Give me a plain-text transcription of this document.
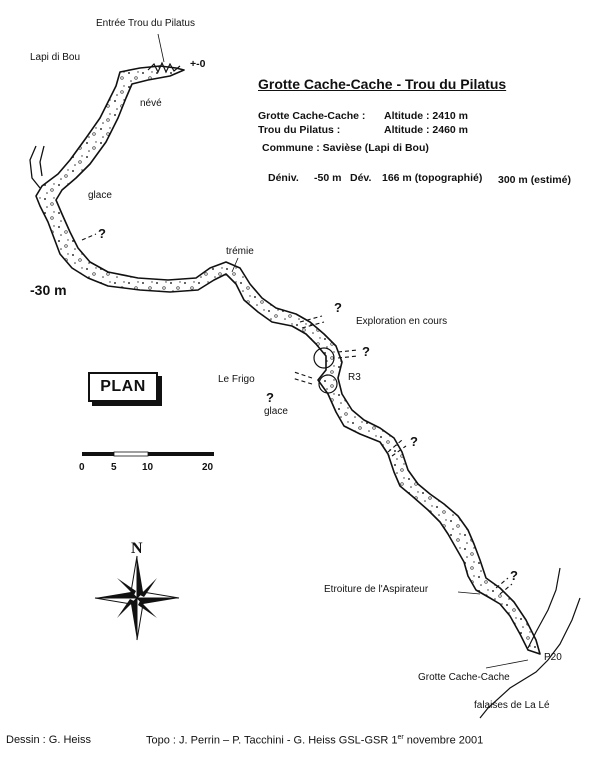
Grotte Cache-Cache - Trou du Pilatus
Grotte Cache-Cache : Altitude : 2410 m
Trou du Pilatus :	Altitude : 2460 m
Commune : Savièse (Lapi di Bou)
Déniv. -50 m Dév. 166 m (topographié) 300 m (estimé)
Entrée Trou du Pilatus
Lapi di Bou
+-0
névé
glace
?
-30 m
trémie
?
Exploration en cours
?
Le Frigo
?
glace
R3
?
?
Etroiture de l'Aspirateur
P20
Grotte Cache-Cache
falaises de La Lé
PLAN
0	5	10	20
N
Dessin : G. Heiss	Topo : J. Perrin – P. Tacchini - G. Heiss GSL-GSR 1er novembre 2001
